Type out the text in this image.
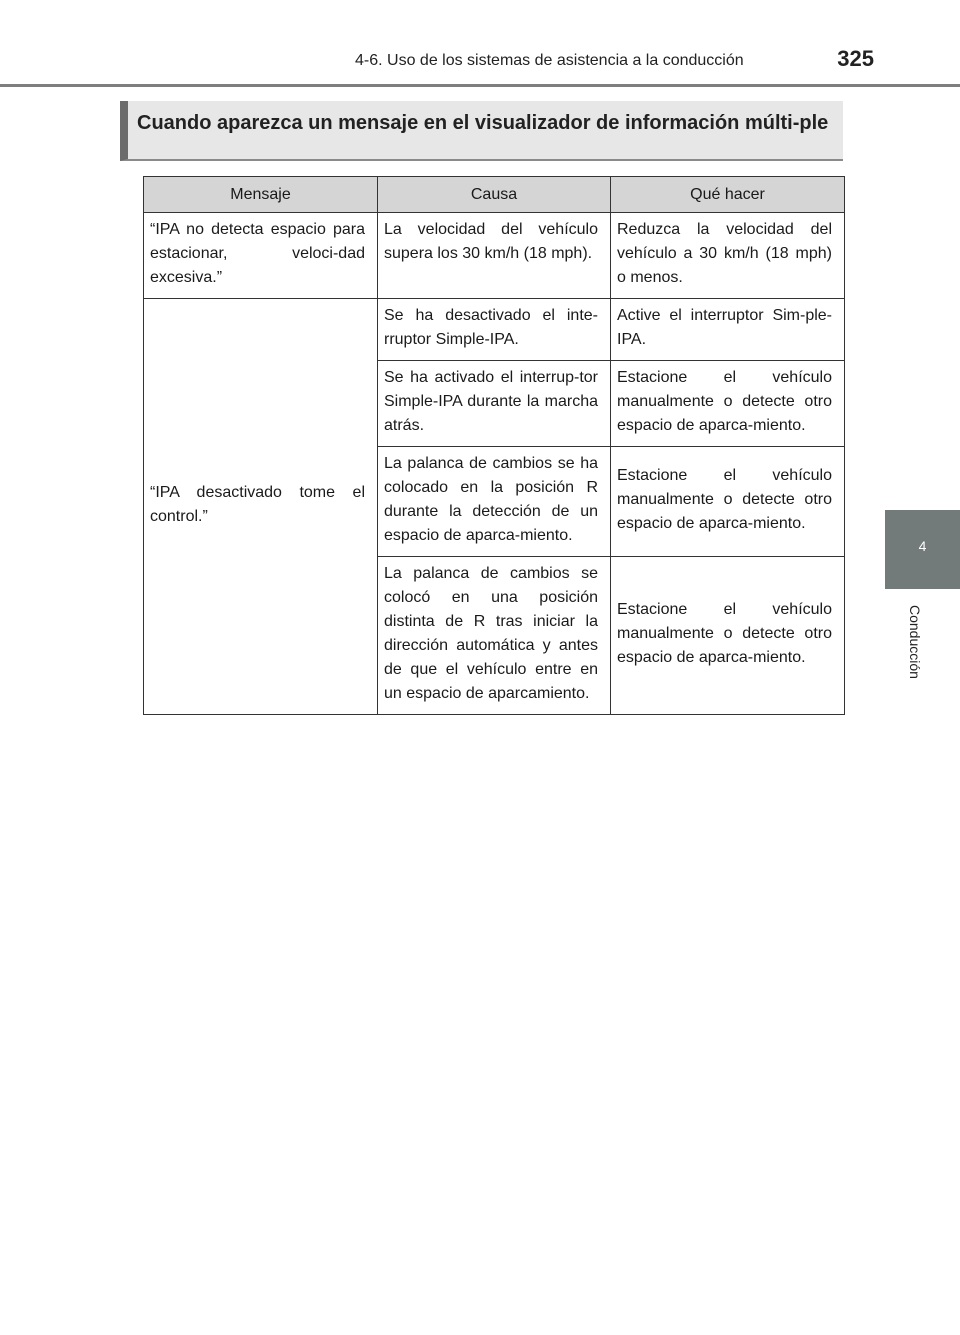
4-6. Uso de los sistemas de asistencia a la conducción	325
4
Conducción
Cuando aparezca un mensaje en el visualizador de información múlti-ple
Mensaje	Causa	Qué hacer
“IPA no detecta espacio para estacionar, veloci-dad excesiva.”	La velocidad del vehículo supera los 30 km/h (18 mph).	Reduzca la velocidad del vehículo a 30 km/h (18 mph) o menos.
“IPA desactivado tome el control.”	Se ha desactivado el inte-rruptor Simple-IPA.	Active el interruptor Sim-ple-IPA.
	Se ha activado el interrup-tor Simple-IPA durante la marcha atrás.	Estacione el vehículo manualmente o detecte otro espacio de aparca-miento.
	La palanca de cambios se ha colocado en la posición R durante la detección de un espacio de aparca-miento.	Estacione el vehículo manualmente o detecte otro espacio de aparca-miento.
	La palanca de cambios se colocó en una posición distinta de R tras iniciar la dirección automática y antes de que el vehículo entre en un espacio de aparcamiento.	Estacione el vehículo manualmente o detecte otro espacio de aparca-miento.
